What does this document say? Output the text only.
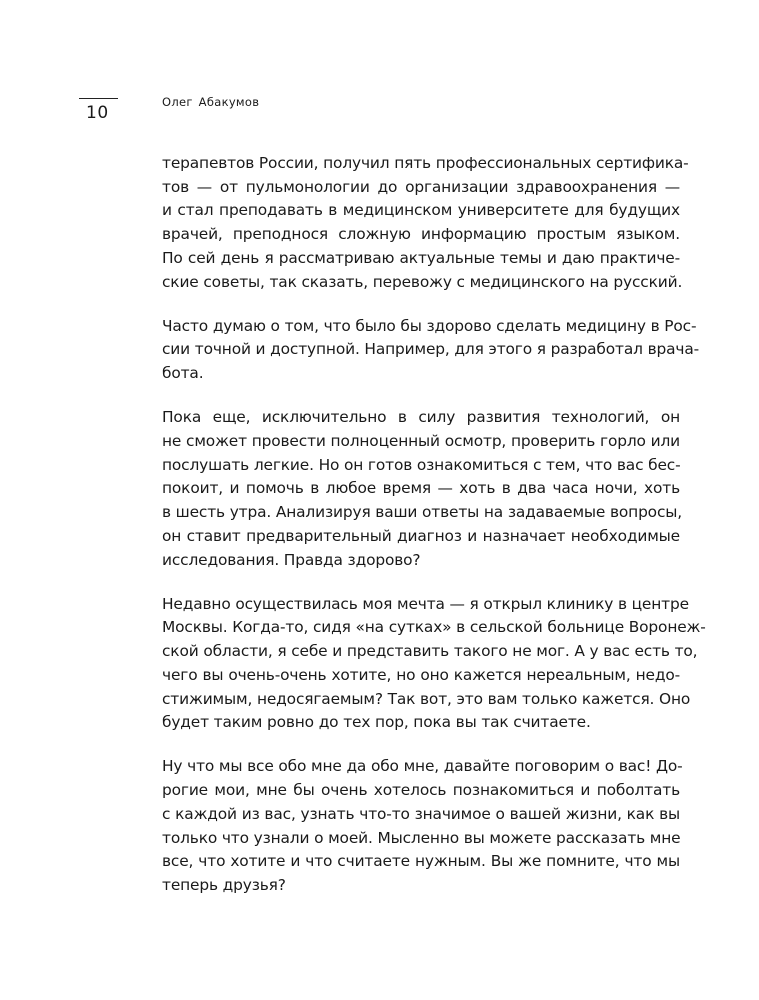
10
Олег Абакумов

терапевтов России, получил пять профессиональных сертифика-
тов — от пульмонологии до организации здравоохранения —
и стал преподавать в медицинском университете для будущих
врачей, преподнося сложную информацию простым языком.
По сей день я рассматриваю актуальные темы и даю практиче-
ские советы, так сказать, перевожу с медицинского на русский.

Часто думаю о том, что было бы здорово сделать медицину в Рос-
сии точной и доступной. Например, для этого я разработал врача-
бота.

Пока еще, исключительно в силу развития технологий, он
не сможет провести полноценный осмотр, проверить горло или
послушать легкие. Но он готов ознакомиться с тем, что вас бес-
покоит, и помочь в любое время — хоть в два часа ночи, хоть
в шесть утра. Анализируя ваши ответы на задаваемые вопросы,
он ставит предварительный диагноз и назначает необходимые
исследования. Правда здорово?

Недавно осуществилась моя мечта — я открыл клинику в центре
Москвы. Когда-то, сидя «на сутках» в сельской больнице Воронеж-
ской области, я себе и представить такого не мог. А у вас есть то,
чего вы очень-очень хотите, но оно кажется нереальным, недо-
стижимым, недосягаемым? Так вот, это вам только кажется. Оно
будет таким ровно до тех пор, пока вы так считаете.

Ну что мы все обо мне да обо мне, давайте поговорим о вас! До-
рогие мои, мне бы очень хотелось познакомиться и поболтать
с каждой из вас, узнать что-то значимое о вашей жизни, как вы
только что узнали о моей. Мысленно вы можете рассказать мне
все, что хотите и что считаете нужным. Вы же помните, что мы
теперь друзья?
